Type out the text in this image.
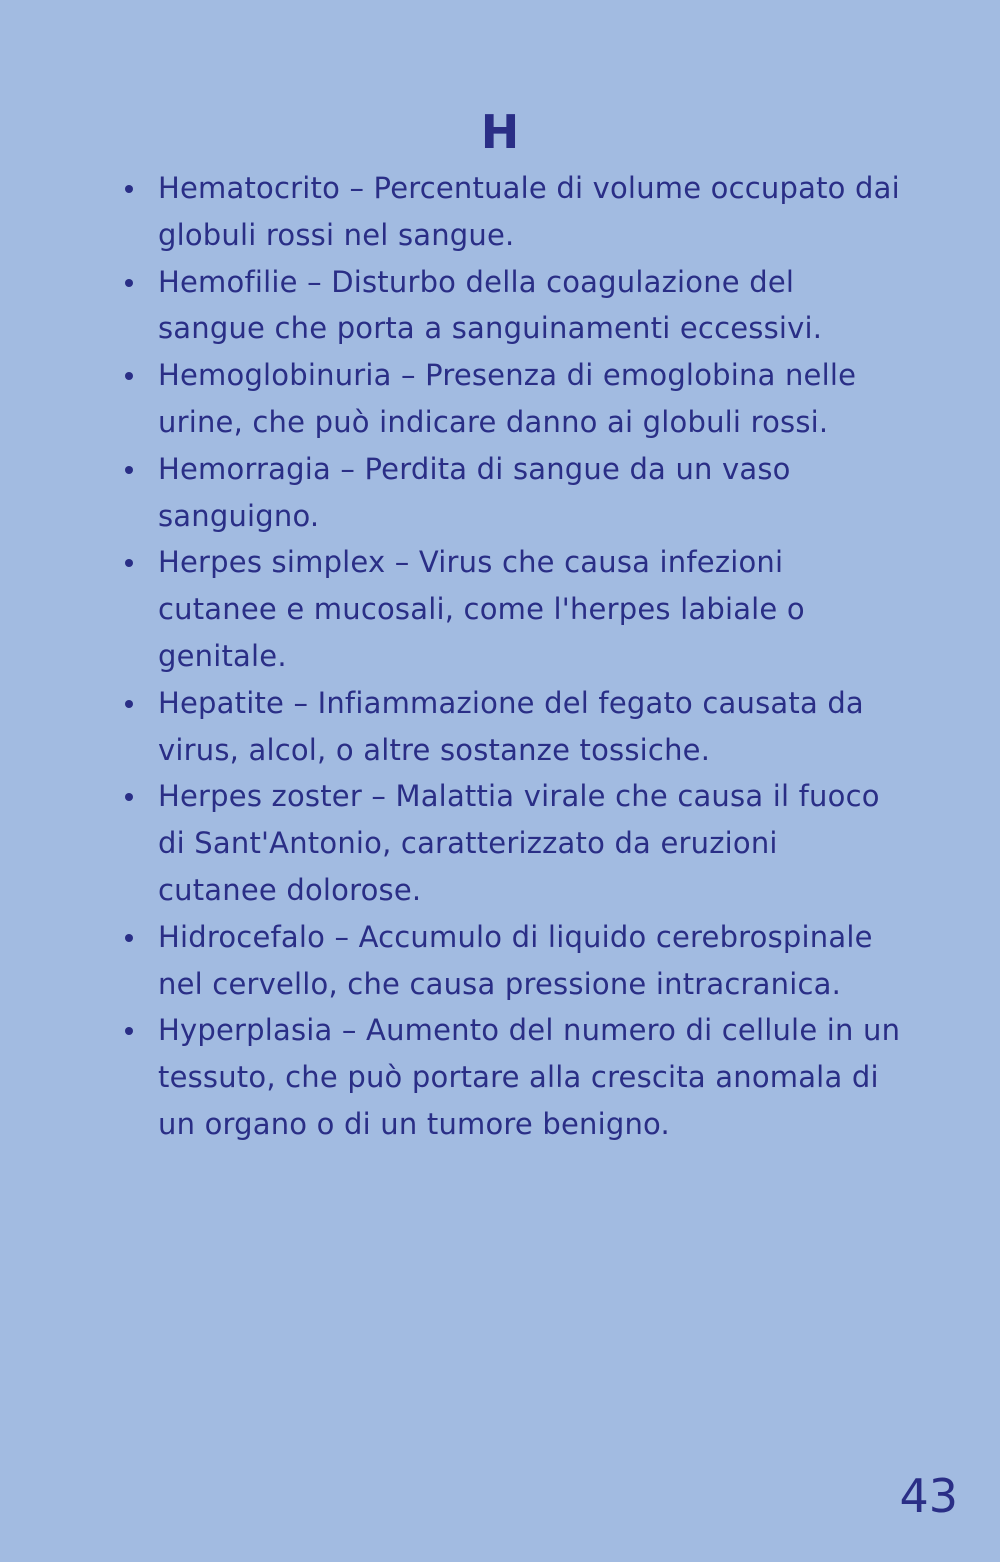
H
Hematocrito – Percentuale di volume occupato dai globuli rossi nel sangue.
Hemofilie – Disturbo della coagulazione del sangue che porta a sanguinamenti eccessivi.
Hemoglobinuria – Presenza di emoglobina nelle urine, che può indicare danno ai globuli rossi.
Hemorragia – Perdita di sangue da un vaso sanguigno.
Herpes simplex – Virus che causa infezioni cutanee e mucosali, come l'herpes labiale o genitale.
Hepatite – Infiammazione del fegato causata da virus, alcol, o altre sostanze tossiche.
Herpes zoster – Malattia virale che causa il fuoco di Sant'Antonio, caratterizzato da eruzioni cutanee dolorose.
Hidrocefalo – Accumulo di liquido cerebrospinale nel cervello, che causa pressione intracranica.
Hyperplasia – Aumento del numero di cellule in un tessuto, che può portare alla crescita anomala di un organo o di un tumore benigno.
43
